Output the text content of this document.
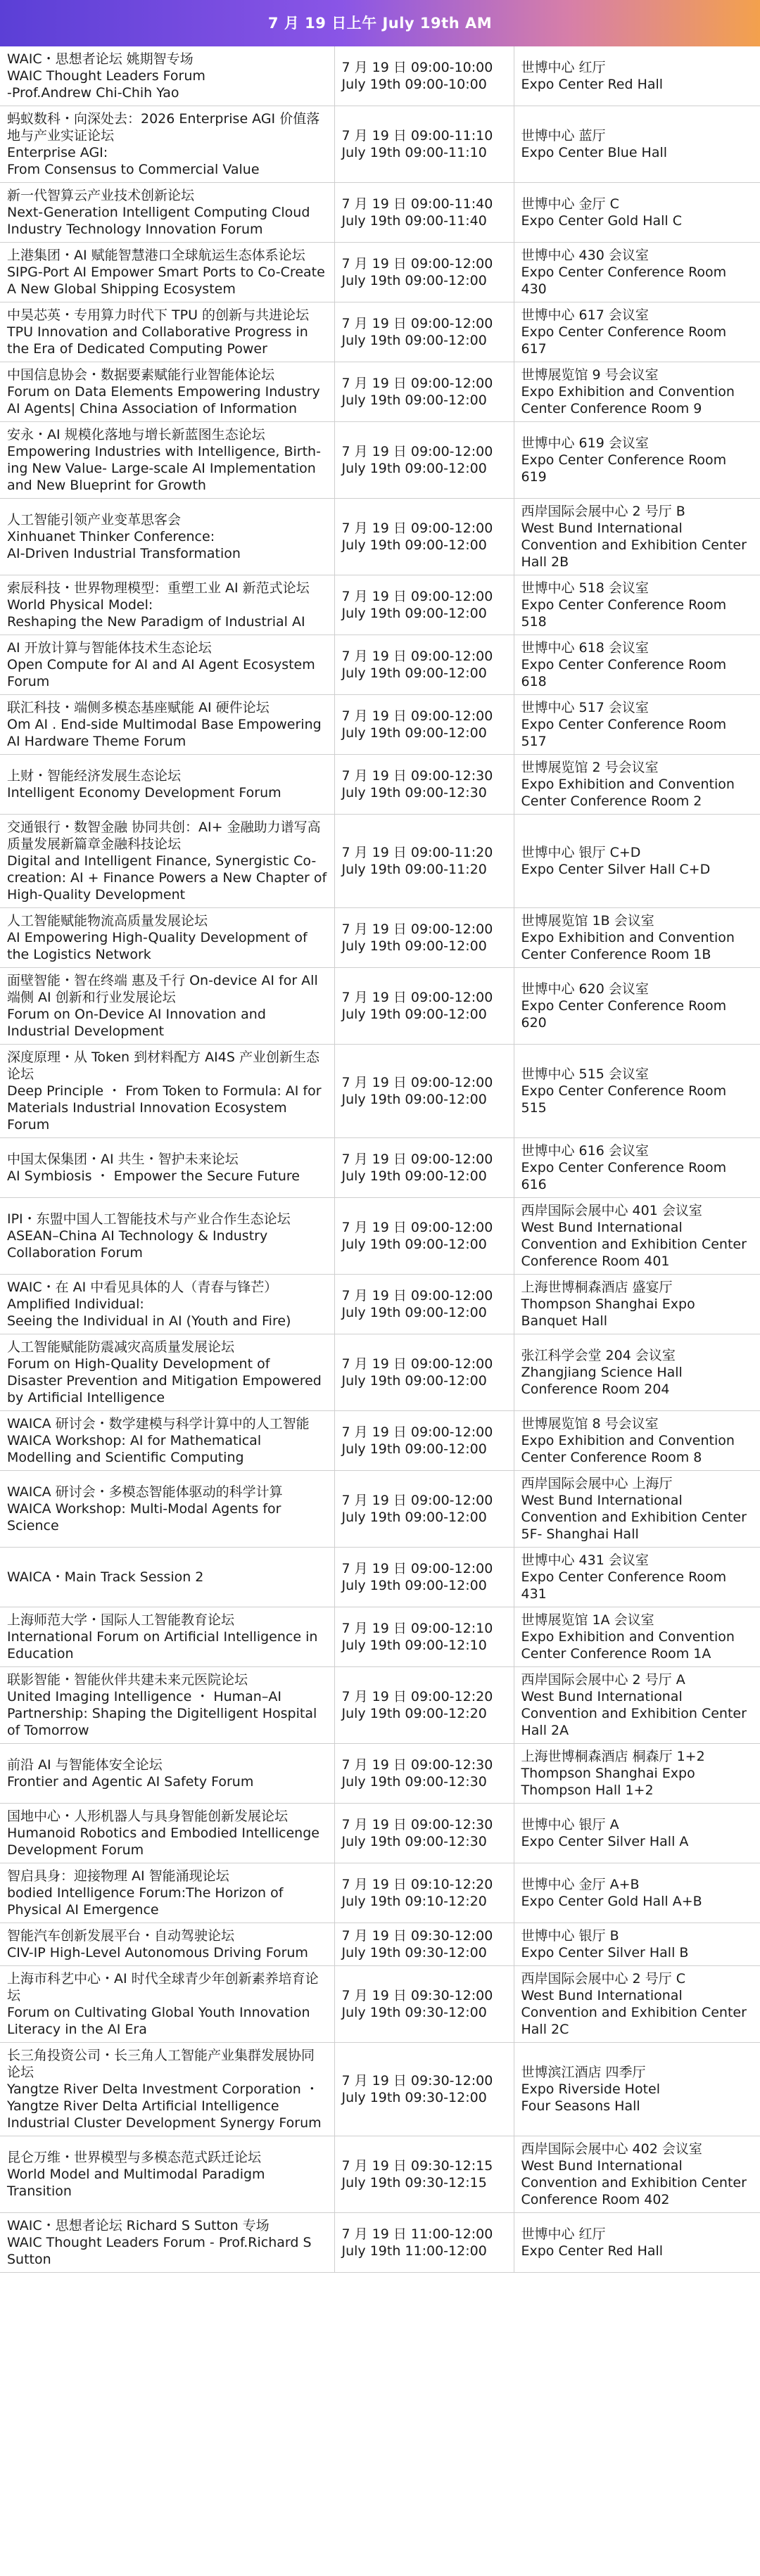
7 月 19 日上午 July 19th AM
WAIC・思想者论坛 姚期智专场
WAIC Thought Leaders Forum
-Prof.Andrew Chi-Chih Yao	7 月 19 日 09:00-10:00
July 19th 09:00-10:00	世博中心 红厅
Expo Center Red Hall

蚂蚁数科・向深处去：2026 Enterprise AGI 价值落地与产业实证论坛
Enterprise AGI:
From Consensus to Commercial Value	7 月 19 日 09:00-11:10
July 19th 09:00-11:10	世博中心 蓝厅
Expo Center Blue Hall

新一代智算云产业技术创新论坛
Next-Generation Intelligent Computing Cloud Industry Technology Innovation Forum	7 月 19 日 09:00-11:40
July 19th 09:00-11:40	世博中心 金厅 C
Expo Center Gold Hall C

上港集团・AI 赋能智慧港口全球航运生态体系论坛
SIPG-Port AI Empower Smart Ports to Co-Create A New Global Shipping Ecosystem	7 月 19 日 09:00-12:00
July 19th 09:00-12:00	世博中心 430 会议室
Expo Center Conference Room 430

中昊芯英・专用算力时代下 TPU 的创新与共进论坛
TPU Innovation and Collaborative Progress in the Era of Dedicated Computing Power	7 月 19 日 09:00-12:00
July 19th 09:00-12:00	世博中心 617 会议室
Expo Center Conference Room 617

中国信息协会・数据要素赋能行业智能体论坛
Forum on Data Elements Empowering Industry AI Agents| China Association of Information	7 月 19 日 09:00-12:00
July 19th 09:00-12:00	世博展览馆 9 号会议室
Expo Exhibition and Convention Center Conference Room 9

安永・AI 规模化落地与增长新蓝图生态论坛
Empowering Industries with Intelligence, Birth-ing New Value- Large-scale AI Implementation and New Blueprint for Growth	7 月 19 日 09:00-12:00
July 19th 09:00-12:00	世博中心 619 会议室
Expo Center Conference Room 619

人工智能引领产业变革思客会
Xinhuanet Thinker Conference:
AI-Driven Industrial Transformation	7 月 19 日 09:00-12:00
July 19th 09:00-12:00	西岸国际会展中心 2 号厅 B
West Bund International Convention and Exhibition Center Hall 2B

索辰科技・世界物理模型：重塑工业 AI 新范式论坛
World Physical Model:
Reshaping the New Paradigm of Industrial AI	7 月 19 日 09:00-12:00
July 19th 09:00-12:00	世博中心 518 会议室
Expo Center Conference Room 518

AI 开放计算与智能体技术生态论坛
Open Compute for AI and AI Agent Ecosystem Forum	7 月 19 日 09:00-12:00
July 19th 09:00-12:00	世博中心 618 会议室
Expo Center Conference Room 618

联汇科技・端侧多模态基座赋能 AI 硬件论坛
Om AI . End-side Multimodal Base Empowering AI Hardware Theme Forum	7 月 19 日 09:00-12:00
July 19th 09:00-12:00	世博中心 517 会议室
Expo Center Conference Room 517

上财・智能经济发展生态论坛
Intelligent Economy Development Forum	7 月 19 日 09:00-12:30
July 19th 09:00-12:30	世博展览馆 2 号会议室
Expo Exhibition and Convention Center Conference Room 2

交通银行・数智金融 协同共创：AI+ 金融助力谱写高质量发展新篇章金融科技论坛
Digital and Intelligent Finance, Synergistic Co-creation: AI + Finance Powers a New Chapter of High-Quality Development	7 月 19 日 09:00-11:20
July 19th 09:00-11:20	世博中心 银厅 C+D
Expo Center Silver Hall C+D

人工智能赋能物流高质量发展论坛
AI Empowering High-Quality Development of the Logistics Network	7 月 19 日 09:00-12:00
July 19th 09:00-12:00	世博展览馆 1B 会议室
Expo Exhibition and Convention Center Conference Room 1B

面壁智能・智在终端 惠及千行 On-device AI for All 端侧 AI 创新和行业发展论坛
Forum on On-Device AI Innovation and Industrial Development	7 月 19 日 09:00-12:00
July 19th 09:00-12:00	世博中心 620 会议室
Expo Center Conference Room 620

深度原理・从 Token 到材料配方 AI4S 产业创新生态论坛
Deep Principle ・ From Token to Formula: AI for Materials Industrial Innovation Ecosystem Forum	7 月 19 日 09:00-12:00
July 19th 09:00-12:00	世博中心 515 会议室
Expo Center Conference Room 515

中国太保集团・AI 共生・智护未来论坛
AI Symbiosis ・ Empower the Secure Future	7 月 19 日 09:00-12:00
July 19th 09:00-12:00	世博中心 616 会议室
Expo Center Conference Room 616

IPI・东盟中国人工智能技术与产业合作生态论坛
ASEAN–China AI Technology & Industry Collaboration Forum	7 月 19 日 09:00-12:00
July 19th 09:00-12:00	西岸国际会展中心 401 会议室
West Bund International Convention and Exhibition Center Conference Room 401

WAIC・在 AI 中看见具体的人（青春与锋芒）
Amplified Individual:
Seeing the Individual in AI (Youth and Fire)	7 月 19 日 09:00-12:00
July 19th 09:00-12:00	上海世博桐森酒店 盛宴厅
Thompson Shanghai Expo Banquet Hall

人工智能赋能防震减灾高质量发展论坛
Forum on High-Quality Development of Disaster Prevention and Mitigation Empowered by Artificial Intelligence	7 月 19 日 09:00-12:00
July 19th 09:00-12:00	张江科学会堂 204 会议室
Zhangjiang Science Hall Conference Room 204

WAICA 研讨会・数学建模与科学计算中的人工智能
WAICA Workshop: AI for Mathematical Modelling and Scientific Computing	7 月 19 日 09:00-12:00
July 19th 09:00-12:00	世博展览馆 8 号会议室
Expo Exhibition and Convention Center Conference Room 8

WAICA 研讨会・多模态智能体驱动的科学计算
WAICA Workshop: Multi-Modal Agents for Science	7 月 19 日 09:00-12:00
July 19th 09:00-12:00	西岸国际会展中心 上海厅
West Bund International Convention and Exhibition Center 5F- Shanghai Hall

WAICA・Main Track Session 2	7 月 19 日 09:00-12:00
July 19th 09:00-12:00	世博中心 431 会议室
Expo Center Conference Room 431

上海师范大学・国际人工智能教育论坛
International Forum on Artificial Intelligence in Education	7 月 19 日 09:00-12:10
July 19th 09:00-12:10	世博展览馆 1A 会议室
Expo Exhibition and Convention Center Conference Room 1A

联影智能・智能伙伴共建未来元医院论坛
United Imaging Intelligence ・ Human–AI Partnership: Shaping the Digitelligent Hospital of Tomorrow	7 月 19 日 09:00-12:20
July 19th 09:00-12:20	西岸国际会展中心 2 号厅 A
West Bund International Convention and Exhibition Center Hall 2A

前沿 AI 与智能体安全论坛
Frontier and Agentic AI Safety Forum	7 月 19 日 09:00-12:30
July 19th 09:00-12:30	上海世博桐森酒店 桐森厅 1+2
Thompson Shanghai Expo Thompson Hall 1+2

国地中心・人形机器人与具身智能创新发展论坛
Humanoid Robotics and Embodied Intellicenge Development Forum	7 月 19 日 09:00-12:30
July 19th 09:00-12:30	世博中心 银厅 A
Expo Center Silver Hall A

智启具身：迎接物理 AI 智能涌现论坛
bodied Intelligence Forum:The Horizon of Physical AI Emergence	7 月 19 日 09:10-12:20
July 19th 09:10-12:20	世博中心 金厅 A+B
Expo Center Gold Hall A+B

智能汽车创新发展平台・自动驾驶论坛
CIV-IP High-Level Autonomous Driving Forum	7 月 19 日 09:30-12:00
July 19th 09:30-12:00	世博中心 银厅 B
Expo Center Silver Hall B

上海市科艺中心・AI 时代全球青少年创新素养培育论坛
Forum on Cultivating Global Youth Innovation Literacy in the AI Era	7 月 19 日 09:30-12:00
July 19th 09:30-12:00	西岸国际会展中心 2 号厅 C
West Bund International Convention and Exhibition Center Hall 2C

长三角投资公司・长三角人工智能产业集群发展协同论坛
Yangtze River Delta Investment Corporation ・Yangtze River Delta Artificial Intelligence Industrial Cluster Development Synergy Forum	7 月 19 日 09:30-12:00
July 19th 09:30-12:00	世博滨江酒店 四季厅
Expo Riverside Hotel
Four Seasons Hall

昆仑万维・世界模型与多模态范式跃迁论坛
World Model and Multimodal Paradigm Transition	7 月 19 日 09:30-12:15
July 19th 09:30-12:15	西岸国际会展中心 402 会议室
West Bund International Convention and Exhibition Center Conference Room 402

WAIC・思想者论坛 Richard S Sutton 专场
WAIC Thought Leaders Forum - Prof.Richard S Sutton	7 月 19 日 11:00-12:00
July 19th 11:00-12:00	世博中心 红厅
Expo Center Red Hall
